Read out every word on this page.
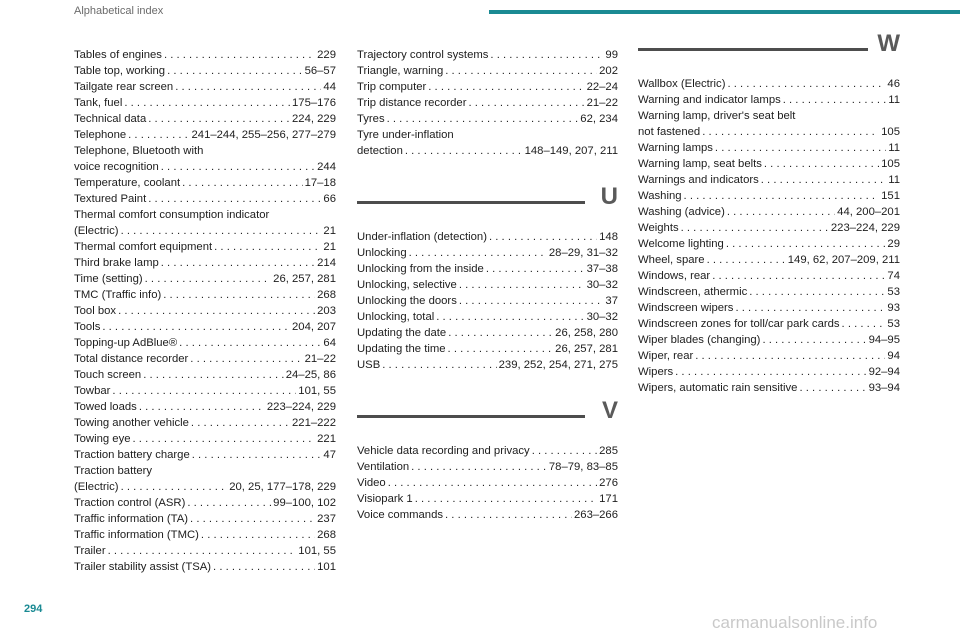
Alphabetical index
Tables of engines . . .	229
Table top, working . . .	56–57
Tailgate rear screen . . .	44
Tank, fuel . . .	175–176
Technical data . . .	224, 229
Telephone . . .	241–244, 255–256, 277–279
Telephone, Bluetooth with
voice recognition . . .	244
Temperature, coolant . . .	17–18
Textured Paint . . .	66
Thermal comfort consumption indicator
(Electric) . . .	21
Thermal comfort equipment . . .	21
Third brake lamp . . .	214
Time (setting) . . .	26, 257, 281
TMC (Traffic info) . . .	268
Tool box . . .	203
Tools . . .	204, 207
Topping-up AdBlue® . . .	64
Total distance recorder . . .	21–22
Touch screen . . .	24–25, 86
Towbar . . .	101, 55
Towed loads . . .	223–224, 229
Towing another vehicle . . .	221–222
Towing eye . . .	221
Traction battery charge . . .	47
Traction battery
(Electric) . . .	20, 25, 177–178, 229
Traction control (ASR) . . .	99–100, 102
Traffic information (TA) . . .	237
Traffic information (TMC) . . .	268
Trailer . . .	101, 55
Trailer stability assist (TSA) . . .	101
Trajectory control systems . . .	99
Triangle, warning . . .	202
Trip computer . . .	22–24
Trip distance recorder . . .	21–22
Tyres . . .	62, 234
Tyre under-inflation
detection . . .	148–149, 207, 211
U
Under-inflation (detection) . . .	148
Unlocking . . .	28–29, 31–32
Unlocking from the inside . . .	37–38
Unlocking, selective . . .	30–32
Unlocking the doors . . .	37
Unlocking, total . . .	30–32
Updating the date . . .	26, 258, 280
Updating the time . . .	26, 257, 281
USB . . .	239, 252, 254, 271, 275
V
Vehicle data recording and privacy . . .	285
Ventilation . . .	78–79, 83–85
Video . . .	276
Visiopark 1 . . .	171
Voice commands . . .	263–266
W
Wallbox (Electric) . . .	46
Warning and indicator lamps . . .	11
Warning lamp, driver's seat belt
not fastened . . .	105
Warning lamps . . .	11
Warning lamp, seat belts . . .	105
Warnings and indicators . . .	11
Washing . . .	151
Washing (advice) . . .	44, 200–201
Weights . . .	223–224, 229
Welcome lighting . . .	29
Wheel, spare . . .	149, 62, 207–209, 211
Windows, rear . . .	74
Windscreen, athermic . . .	53
Windscreen wipers . . .	93
Windscreen zones for toll/car park cards . . .	53
Wiper blades (changing) . . .	94–95
Wiper, rear . . .	94
Wipers . . .	92–94
Wipers, automatic rain sensitive . . .	93–94
294
carmanualsonline.info
